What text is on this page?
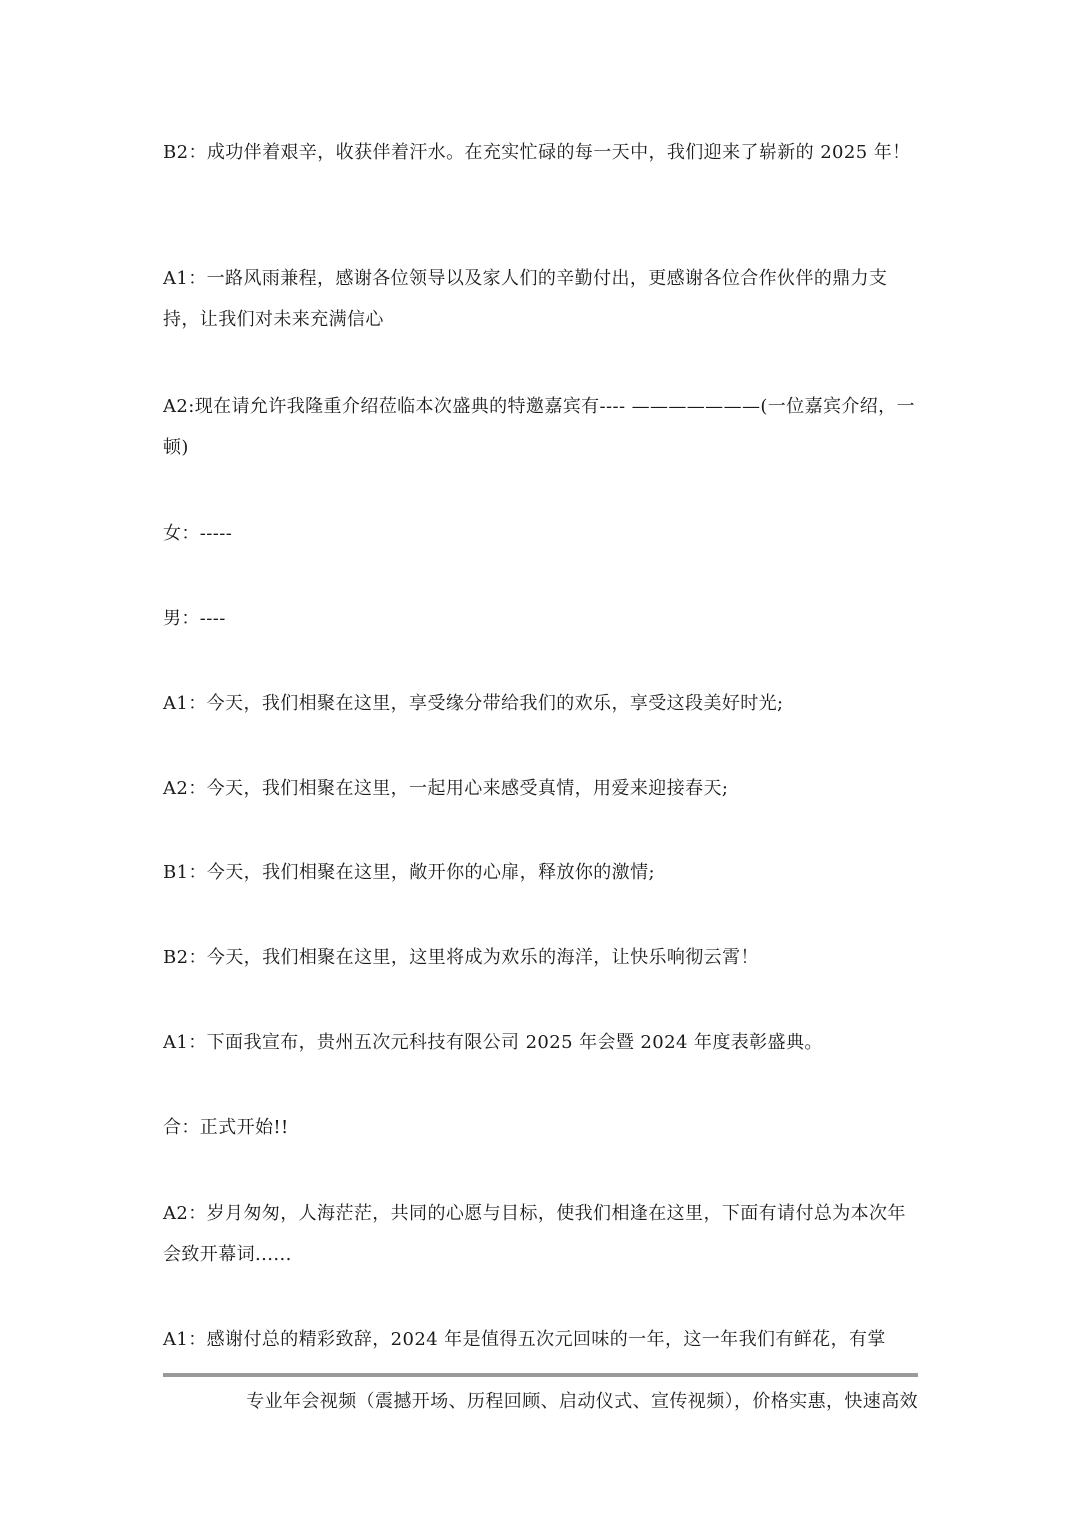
B2：成功伴着艰辛，收获伴着汗水。在充实忙碌的每一天中，我们迎来了崭新的 2025 年！
A1：一路风雨兼程，感谢各位领导以及家人们的辛勤付出，更感谢各位合作伙伴的鼎力支持，让我们对未来充满信心
A2:现在请允许我隆重介绍莅临本次盛典的特邀嘉宾有---- ———————(一位嘉宾介绍，一顿)
女：-----
男：----
A1：今天，我们相聚在这里，享受缘分带给我们的欢乐，享受这段美好时光;
A2：今天，我们相聚在这里，一起用心来感受真情，用爱来迎接春天;
B1：今天，我们相聚在这里，敞开你的心扉，释放你的激情;
B2：今天，我们相聚在这里，这里将成为欢乐的海洋，让快乐响彻云霄！
A1：下面我宣布，贵州五次元科技有限公司 2025 年会暨 2024 年度表彰盛典。
合：正式开始!!
A2：岁月匆匆，人海茫茫，共同的心愿与目标，使我们相逢在这里，下面有请付总为本次年会致开幕词......
A1：感谢付总的精彩致辞，2024 年是值得五次元回味的一年，这一年我们有鲜花，有掌
专业年会视频（震撼开场、历程回顾、启动仪式、宣传视频），价格实惠，快速高效
